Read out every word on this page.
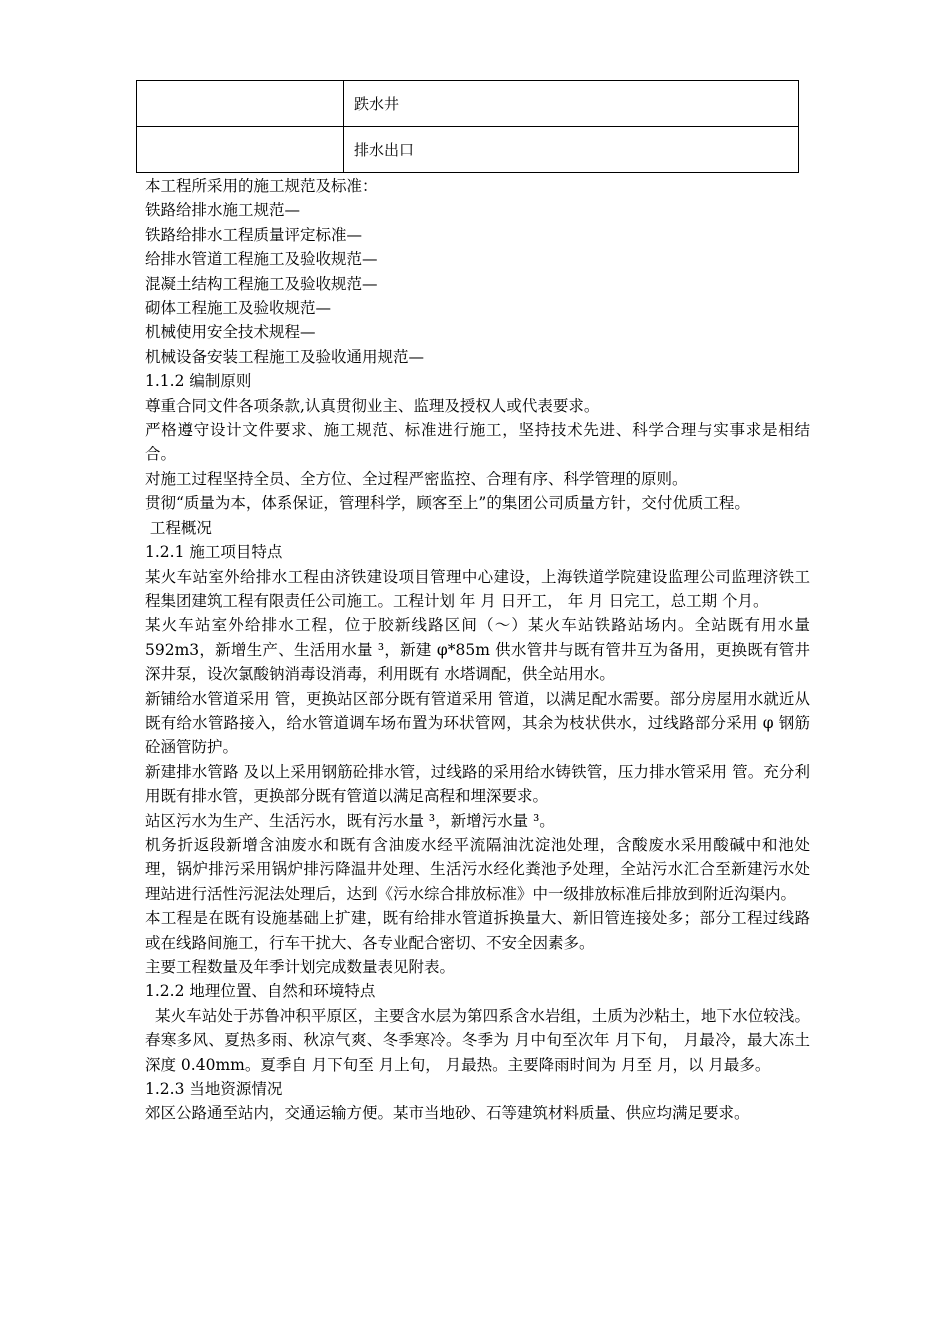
	跌水井
	排水出口

本工程所采用的施工规范及标准：

铁路给排水施工规范—

铁路给排水工程质量评定标准—

给排水管道工程施工及验收规范—

混凝土结构工程施工及验收规范—

砌体工程施工及验收规范—

机械使用安全技术规程—

机械设备安装工程施工及验收通用规范—

1.1.2 编制原则

尊重合同文件各项条款,认真贯彻业主、监理及授权人或代表要求。

严格遵守设计文件要求、施工规范、标准进行施工，坚持技术先进、科学合理与实事求是相结合。

对施工过程坚持全员、全方位、全过程严密监控、合理有序、科学管理的原则。

贯彻“质量为本，体系保证，管理科学，顾客至上”的集团公司质量方针，交付优质工程。

工程概况

1.2.1 施工项目特点

某火车站室外给排水工程由济铁建设项目管理中心建设，上海铁道学院建设监理公司监理济铁工程集团建筑工程有限责任公司施工。工程计划 年 月 日开工， 年 月 日完工，总工期 个月。

某火车站室外给排水工程，位于胶新线路区间（～）某火车站铁路站场内。全站既有用水量 592m3，新增生产、生活用水量 ³，新建 φ*85m 供水管井与既有管井互为备用，更换既有管井深井泵，设次氯酸钠消毒设消毒，利用既有 水塔调配，供全站用水。

新铺给水管道采用 管，更换站区部分既有管道采用 管道，以满足配水需要。部分房屋用水就近从既有给水管路接入，给水管道调车场布置为环状管网，其余为枝状供水，过线路部分采用 φ 钢筋砼涵管防护。

新建排水管路 及以上采用钢筋砼排水管，过线路的采用给水铸铁管，压力排水管采用 管。充分利用既有排水管，更换部分既有管道以满足高程和埋深要求。

站区污水为生产、生活污水，既有污水量 ³，新增污水量 ³。

机务折返段新增含油废水和既有含油废水经平流隔油沈淀池处理，含酸废水采用酸碱中和池处理，锅炉排污采用锅炉排污降温井处理、生活污水经化粪池予处理，全站污水汇合至新建污水处理站进行活性污泥法处理后，达到《污水综合排放标准》中一级排放标准后排放到附近沟渠内。

本工程是在既有设施基础上扩建，既有给排水管道拆换量大、新旧管连接处多；部分工程过线路或在线路间施工，行车干扰大、各专业配合密切、不安全因素多。

主要工程数量及年季计划完成数量表见附表。

1.2.2 地理位置、自然和环境特点

某火车站处于苏鲁冲积平原区，主要含水层为第四系含水岩组，土质为沙粘土，地下水位较浅。春寒多风、夏热多雨、秋凉气爽、冬季寒冷。冬季为 月中旬至次年 月下旬， 月最冷，最大冻土深度 0.40mm。夏季自 月下旬至 月上旬， 月最热。主要降雨时间为 月至 月，以 月最多。

1.2.3 当地资源情况

郊区公路通至站内，交通运输方便。某市当地砂、石等建筑材料质量、供应均满足要求。
